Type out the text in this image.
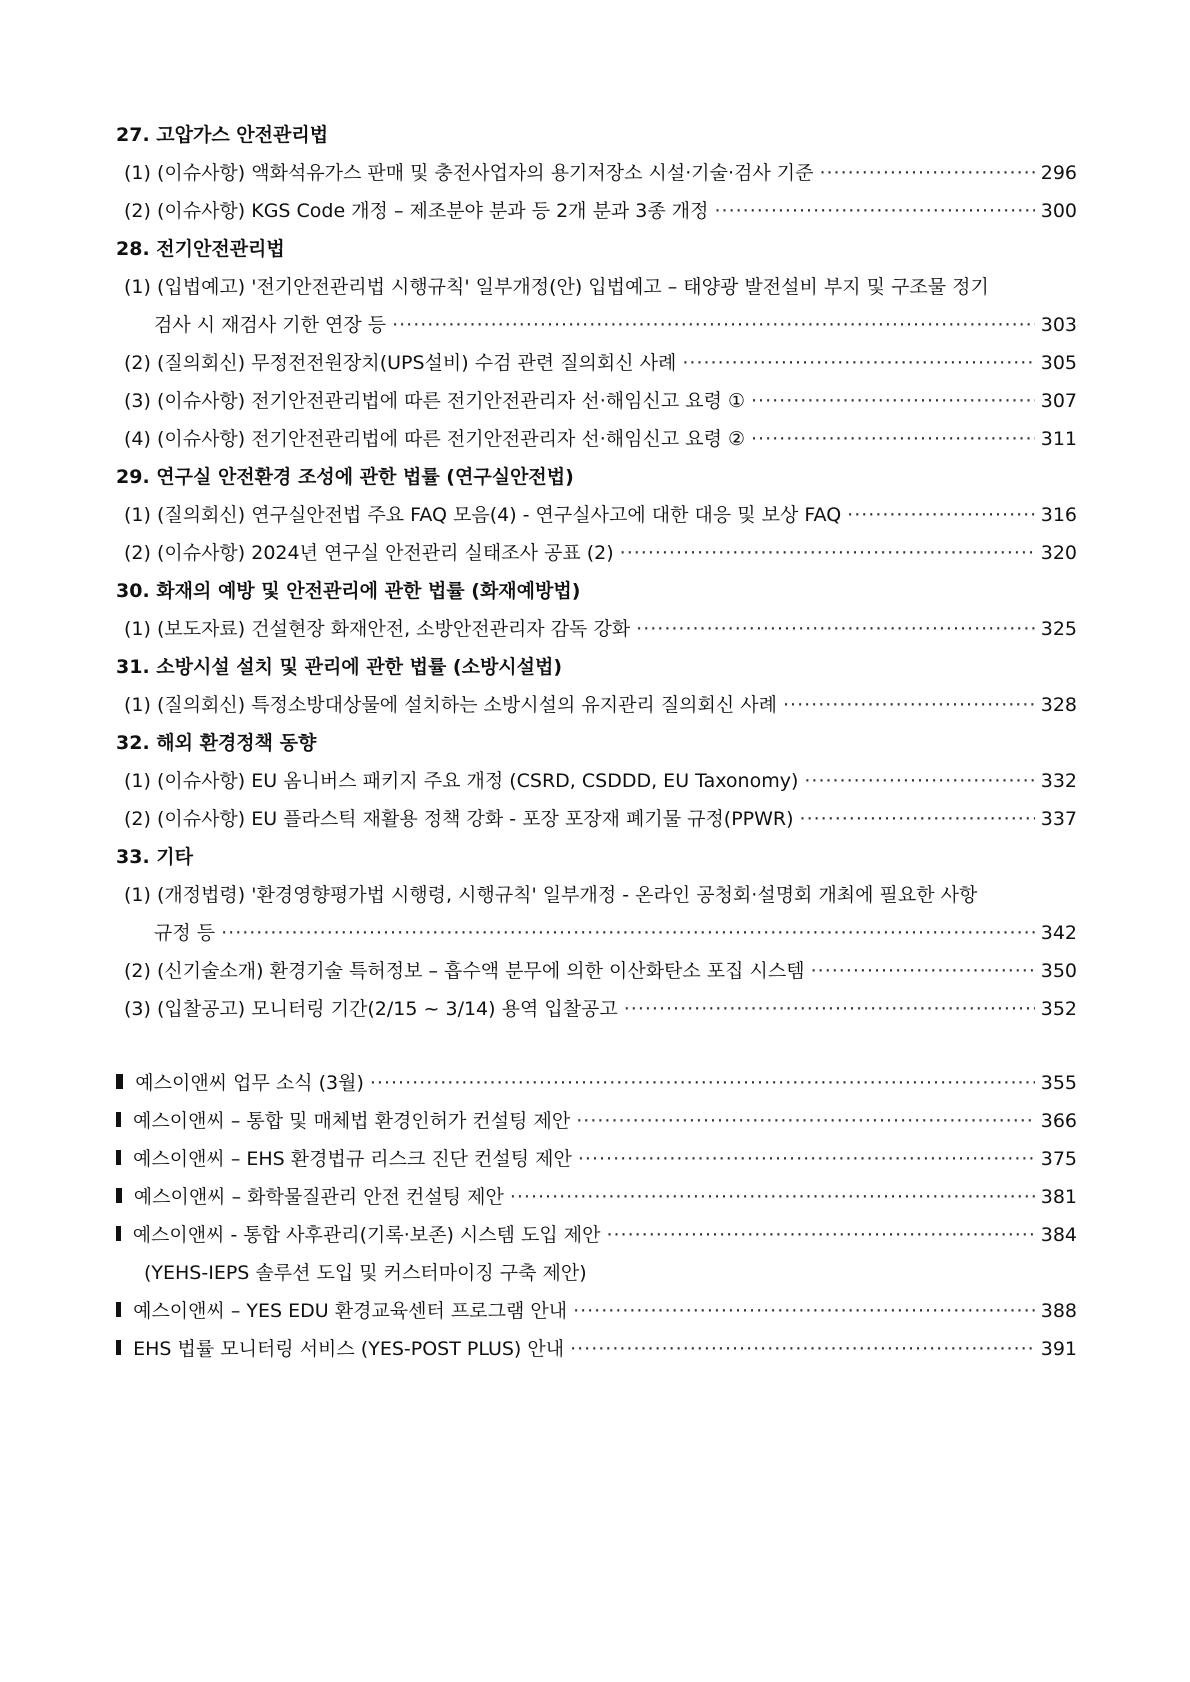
27. 고압가스 안전관리법
(1) (이슈사항) 액화석유가스 판매 및 충전사업자의 용기저장소 시설·기술·검사 기준 ·····	296
(2) (이슈사항) KGS Code 개정 – 제조분야 분과 등 2개 분과 3종 개정 ·····	300
28. 전기안전관리법
(1) (입법예고) '전기안전관리법 시행규칙' 일부개정(안) 입법예고 – 태양광 발전설비 부지 및 구조물 정기
검사 시 재검사 기한 연장 등 ·····	303
(2) (질의회신) 무정전전원장치(UPS설비) 수검 관련 질의회신 사례 ·····	305
(3) (이슈사항) 전기안전관리법에 따른 전기안전관리자 선·해임신고 요령 ① ·····	307
(4) (이슈사항) 전기안전관리법에 따른 전기안전관리자 선·해임신고 요령 ② ·····	311
29. 연구실 안전환경 조성에 관한 법률 (연구실안전법)
(1) (질의회신) 연구실안전법 주요 FAQ 모음(4) - 연구실사고에 대한 대응 및 보상 FAQ ·····	316
(2) (이슈사항) 2024년 연구실 안전관리 실태조사 공표 (2) ·····	320
30. 화재의 예방 및 안전관리에 관한 법률 (화재예방법)
(1) (보도자료) 건설현장 화재안전, 소방안전관리자 감독 강화 ·····	325
31. 소방시설 설치 및 관리에 관한 법률 (소방시설법)
(1) (질의회신) 특정소방대상물에 설치하는 소방시설의 유지관리 질의회신 사례 ·····	328
32. 해외 환경정책 동향
(1) (이슈사항) EU 옴니버스 패키지 주요 개정 (CSRD, CSDDD, EU Taxonomy) ·····	332
(2) (이슈사항) EU 플라스틱 재활용 정책 강화 - 포장 포장재 폐기물 규정(PPWR) ·····	337
33. 기타
(1) (개정법령) '환경영향평가법 시행령, 시행규칙' 일부개정 - 온라인 공청회·설명회 개최에 필요한 사항
규정 등 ·····	342
(2) (신기술소개) 환경기술 특허정보 – 흡수액 분무에 의한 이산화탄소 포집 시스템 ·····	350
(3) (입찰공고) 모니터링 기간(2/15 ~ 3/14) 용역 입찰공고 ·····	352
예스이앤씨 업무 소식 (3월) ·····	355
예스이앤씨 – 통합 및 매체법 환경인허가 컨설팅 제안 ·····	366
예스이앤씨 – EHS 환경법규 리스크 진단 컨설팅 제안 ·····	375
예스이앤씨 – 화학물질관리 안전 컨설팅 제안 ·····	381
예스이앤씨 - 통합 사후관리(기록·보존) 시스템 도입 제안 ·····	384
(YEHS-IEPS 솔루션 도입 및 커스터마이징 구축 제안)
예스이앤씨 – YES EDU 환경교육센터 프로그램 안내 ·····	388
EHS 법률 모니터링 서비스 (YES-POST PLUS) 안내 ·····	391
